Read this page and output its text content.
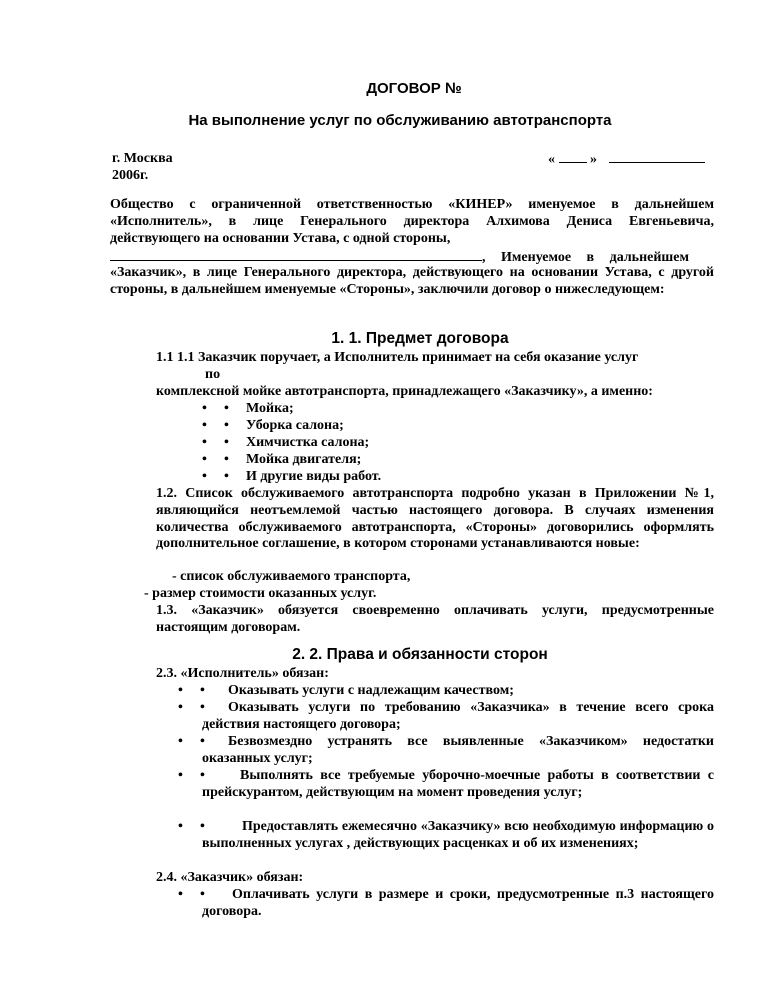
ДОГОВОР №
На выполнение услуг по обслуживанию автотранспорта
г. Москва
2006г.
«	»
Общество с ограниченной ответственностью «КИНЕР» именуемое в дальнейшем «Исполнитель», в лице Генерального директора Алхимова Дениса Евгеньевича, действующего на основании Устава, с одной стороны,
, Именуемое в дальнейшем
«Заказчик», в лице Генерального директора, действующего на основании Устава, с другой стороны, в дальнейшем именуемые «Стороны», заключили договор о нижеследующем:
1. 1. Предмет договора
1.1 1.1 Заказчик поручает, а Исполнитель принимает на себя оказание услуг
по
комплексной мойке автотранспорта, принадлежащего «Заказчику», а именно:
• • Мойка;
• • Уборка салона;
• • Химчистка салона;
• • Мойка двигателя;
• • И другие виды работ.
1.2. Список обслуживаемого автотранспорта подробно указан в Приложении №1, являющийся неотъемлемой частью настоящего договора. В случаях изменения количества обслуживаемого автотранспорта, «Стороны» договорились оформлять дополнительное соглашение, в котором сторонами устанавливаются новые:
- список обслуживаемого транспорта,
- размер стоимости оказанных услуг.
1.3. «Заказчик» обязуется своевременно оплачивать услуги, предусмотренные настоящим договорам.
2. 2. Права и обязанности сторон
2.3. «Исполнитель» обязан:
• • Оказывать услуги с надлежащим качеством;
• •	Оказывать услуги по требованию «Заказчика» в течение всего срока действия настоящего договора;
• •	Безвозмездно устранять все выявленные «Заказчиком» недостатки оказанных услуг;
• •	Выполнять все требуемые уборочно-моечные работы в соответствии с прейскурантом, действующим на момент проведения услуг;
• •	Предоставлять ежемесячно «Заказчику» всю необходимую информацию о выполненных услугах , действующих расценках и об их изменениях;
2.4. «Заказчик» обязан:
• •	Оплачивать услуги в размере и сроки, предусмотренные п.3 настоящего договора.
